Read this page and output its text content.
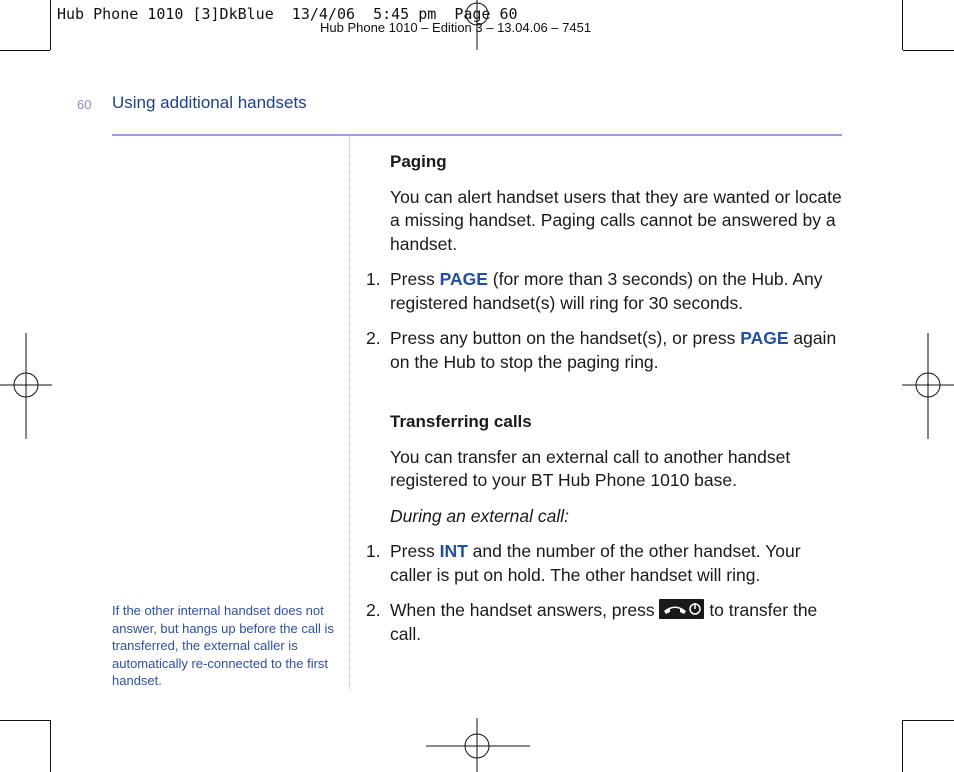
Hub Phone 1010 [3]DkBlue  13/4/06  5:45 pm  Page 60
Hub Phone 1010 – Edition 3 – 13.04.06 – 7451
60 Using additional handsets
If the other internal handset does not answer, but hangs up before the call is transferred, the external caller is automatically re-connected to the first handset.
Paging
You can alert handset users that they are wanted or locate a missing handset. Paging calls cannot be answered by a handset.
1. Press PAGE (for more than 3 seconds) on the Hub. Any registered handset(s) will ring for 30 seconds.
2. Press any button on the handset(s), or press PAGE again on the Hub to stop the paging ring.
Transferring calls
You can transfer an external call to another handset registered to your BT Hub Phone 1010 base.
During an external call:
1. Press INT and the number of the other handset. Your caller is put on hold. The other handset will ring.
2. When the handset answers, press	to transfer the call.
